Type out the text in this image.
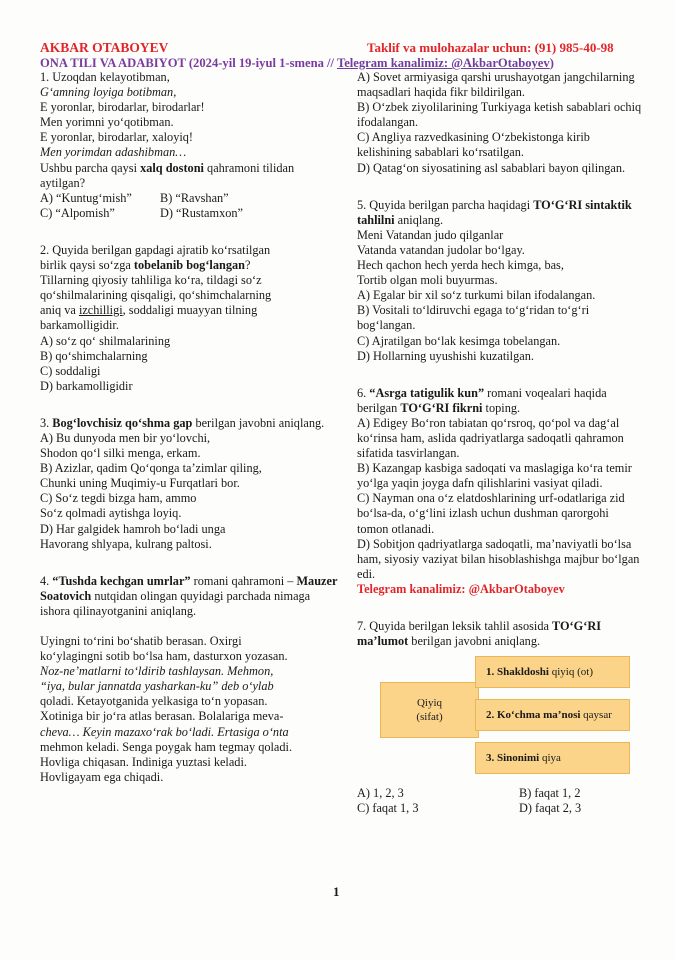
AKBAR OTABOYEV	Taklif va mulohazalar uchun: (91) 985-40-98
ONA TILI VA ADABIYOT (2024-yil 19-iyul 1-smena // Telegram kanalimiz: @AkbarOtaboyev)

1. Uzoqdan kelayotibman,

G‘amning loyiga botibman,

E yoronlar, birodarlar, birodarlar!

Men yorimni yo‘qotibman.

E yoronlar, birodarlar, xaloyiq!

Men yorimdan adashibman…

Ushbu parcha qaysi xalq dostoni qahramoni tilidan aytilgan?

A) “Kuntug‘mish”	B) “Ravshan”
C) “Alpomish”	D) “Rustamxon”

2. Quyida berilgan gapdagi ajratib ko‘rsatilgan

birlik qaysi so‘zga tobelanib bog‘langan?

Tillarning qiyosiy tahliliga ko‘ra, tildagi so‘z

qo‘shilmalarining qisqaligi, qo‘shimchalarning

aniq va izchilligi, soddaligi muayyan tilning

barkamolligidir.

A) so‘z qo‘ shilmalarining

B) qo‘shimchalarning

C) soddaligi

D) barkamolligidir

3. Bog‘lovchisiz qo‘shma gap berilgan javobni aniqlang.

A) Bu dunyoda men bir yo‘lovchi,

Shodon qo‘l silki menga, erkam.

B) Azizlar, qadim Qo‘qonga ta’zimlar qiling,

Chunki uning Muqimiy-u Furqatlari bor.

C) So‘z tegdi bizga ham, ammo

So‘z qolmadi aytishga loyiq.

D) Har galgidek hamroh bo‘ladi unga

Havorang shlyapa, kulrang paltosi.

4. “Tushda kechgan umrlar” romani qahramoni – Mauzer Soatovich nutqidan olingan quyidagi parchada nimaga ishora qilinayotganini aniqlang.

Uyingni to‘rini bo‘shatib berasan. Oxirgi

ko‘ylagingni sotib bo‘lsa ham, dasturxon yozasan.

Noz-ne’matlarni to‘ldirib tashlaysan. Mehmon,

“iya, bular jannatda yasharkan-ku” deb o‘ylab

qoladi. Ketayotganida yelkasiga to‘n yopasan.

Xotiniga bir jo‘ra atlas berasan. Bolalariga meva-

cheva… Keyin mazaxo‘rak bo‘ladi. Ertasiga o‘nta

mehmon keladi. Senga poygak ham tegmay qoladi.

Hovliga chiqasan. Indiniga yuztasi keladi.

Hovligayam ega chiqadi.

A) Sovet armiyasiga qarshi urushayotgan jangchilarning maqsadlari haqida fikr bildirilgan.

B) O‘zbek ziyolilarining Turkiyaga ketish sabablari ochiq ifodalangan.

C) Angliya razvedkasining O‘zbekistonga kirib kelishining sabablari ko‘rsatilgan.

D) Qatag‘on siyosatining asl sabablari bayon qilingan.

5. Quyida berilgan parcha haqidagi TO‘G‘RI sintaktik tahlilni aniqlang.

Meni Vatandan judo qilganlar

Vatanda vatandan judolar bo‘lgay.

Hech qachon hech yerda hech kimga, bas,

Tortib olgan moli buyurmas.

A) Egalar bir xil so‘z turkumi bilan ifodalangan.

B) Vositali to‘ldiruvchi egaga to‘g‘ridan to‘g‘ri bog‘langan.

C) Ajratilgan bo‘lak kesimga tobelangan.

D) Hollarning uyushishi kuzatilgan.

6. “Asrga tatigulik kun” romani voqealari haqida berilgan TO‘G‘RI fikrni toping.

A) Edigey Bo‘ron tabiatan qo‘rsroq, qo‘pol va dag‘al ko‘rinsa ham, aslida qadriyatlarga sadoqatli qahramon sifatida tasvirlangan.

B) Kazangap kasbiga sadoqati va maslagiga ko‘ra temir yo‘lga yaqin joyga dafn qilishlarini vasiyat qiladi.

C) Nayman ona o‘z elatdoshlarining urf-odatlariga zid bo‘lsa-da, o‘g‘lini izlash uchun dushman qarorgohi tomon otlanadi.

D) Sobitjon qadriyatlarga sadoqatli, ma’naviyatli bo‘lsa ham, siyosiy vaziyat bilan hisoblashishga majbur bo‘lgan edi.

Telegram kanalimiz: @AkbarOtaboyev

7. Quyida berilgan leksik tahlil asosida TO‘G‘RI ma’lumot berilgan javobni aniqlang.

Qiyiq
(sifat)
1. Shakldoshi qiyiq (ot)
2. Ko‘chma ma’nosi qaysar
3. Sinonimi qiya
A) 1, 2, 3	B) faqat 1, 2
C) faqat 1, 3	D) faqat 2, 3
1
